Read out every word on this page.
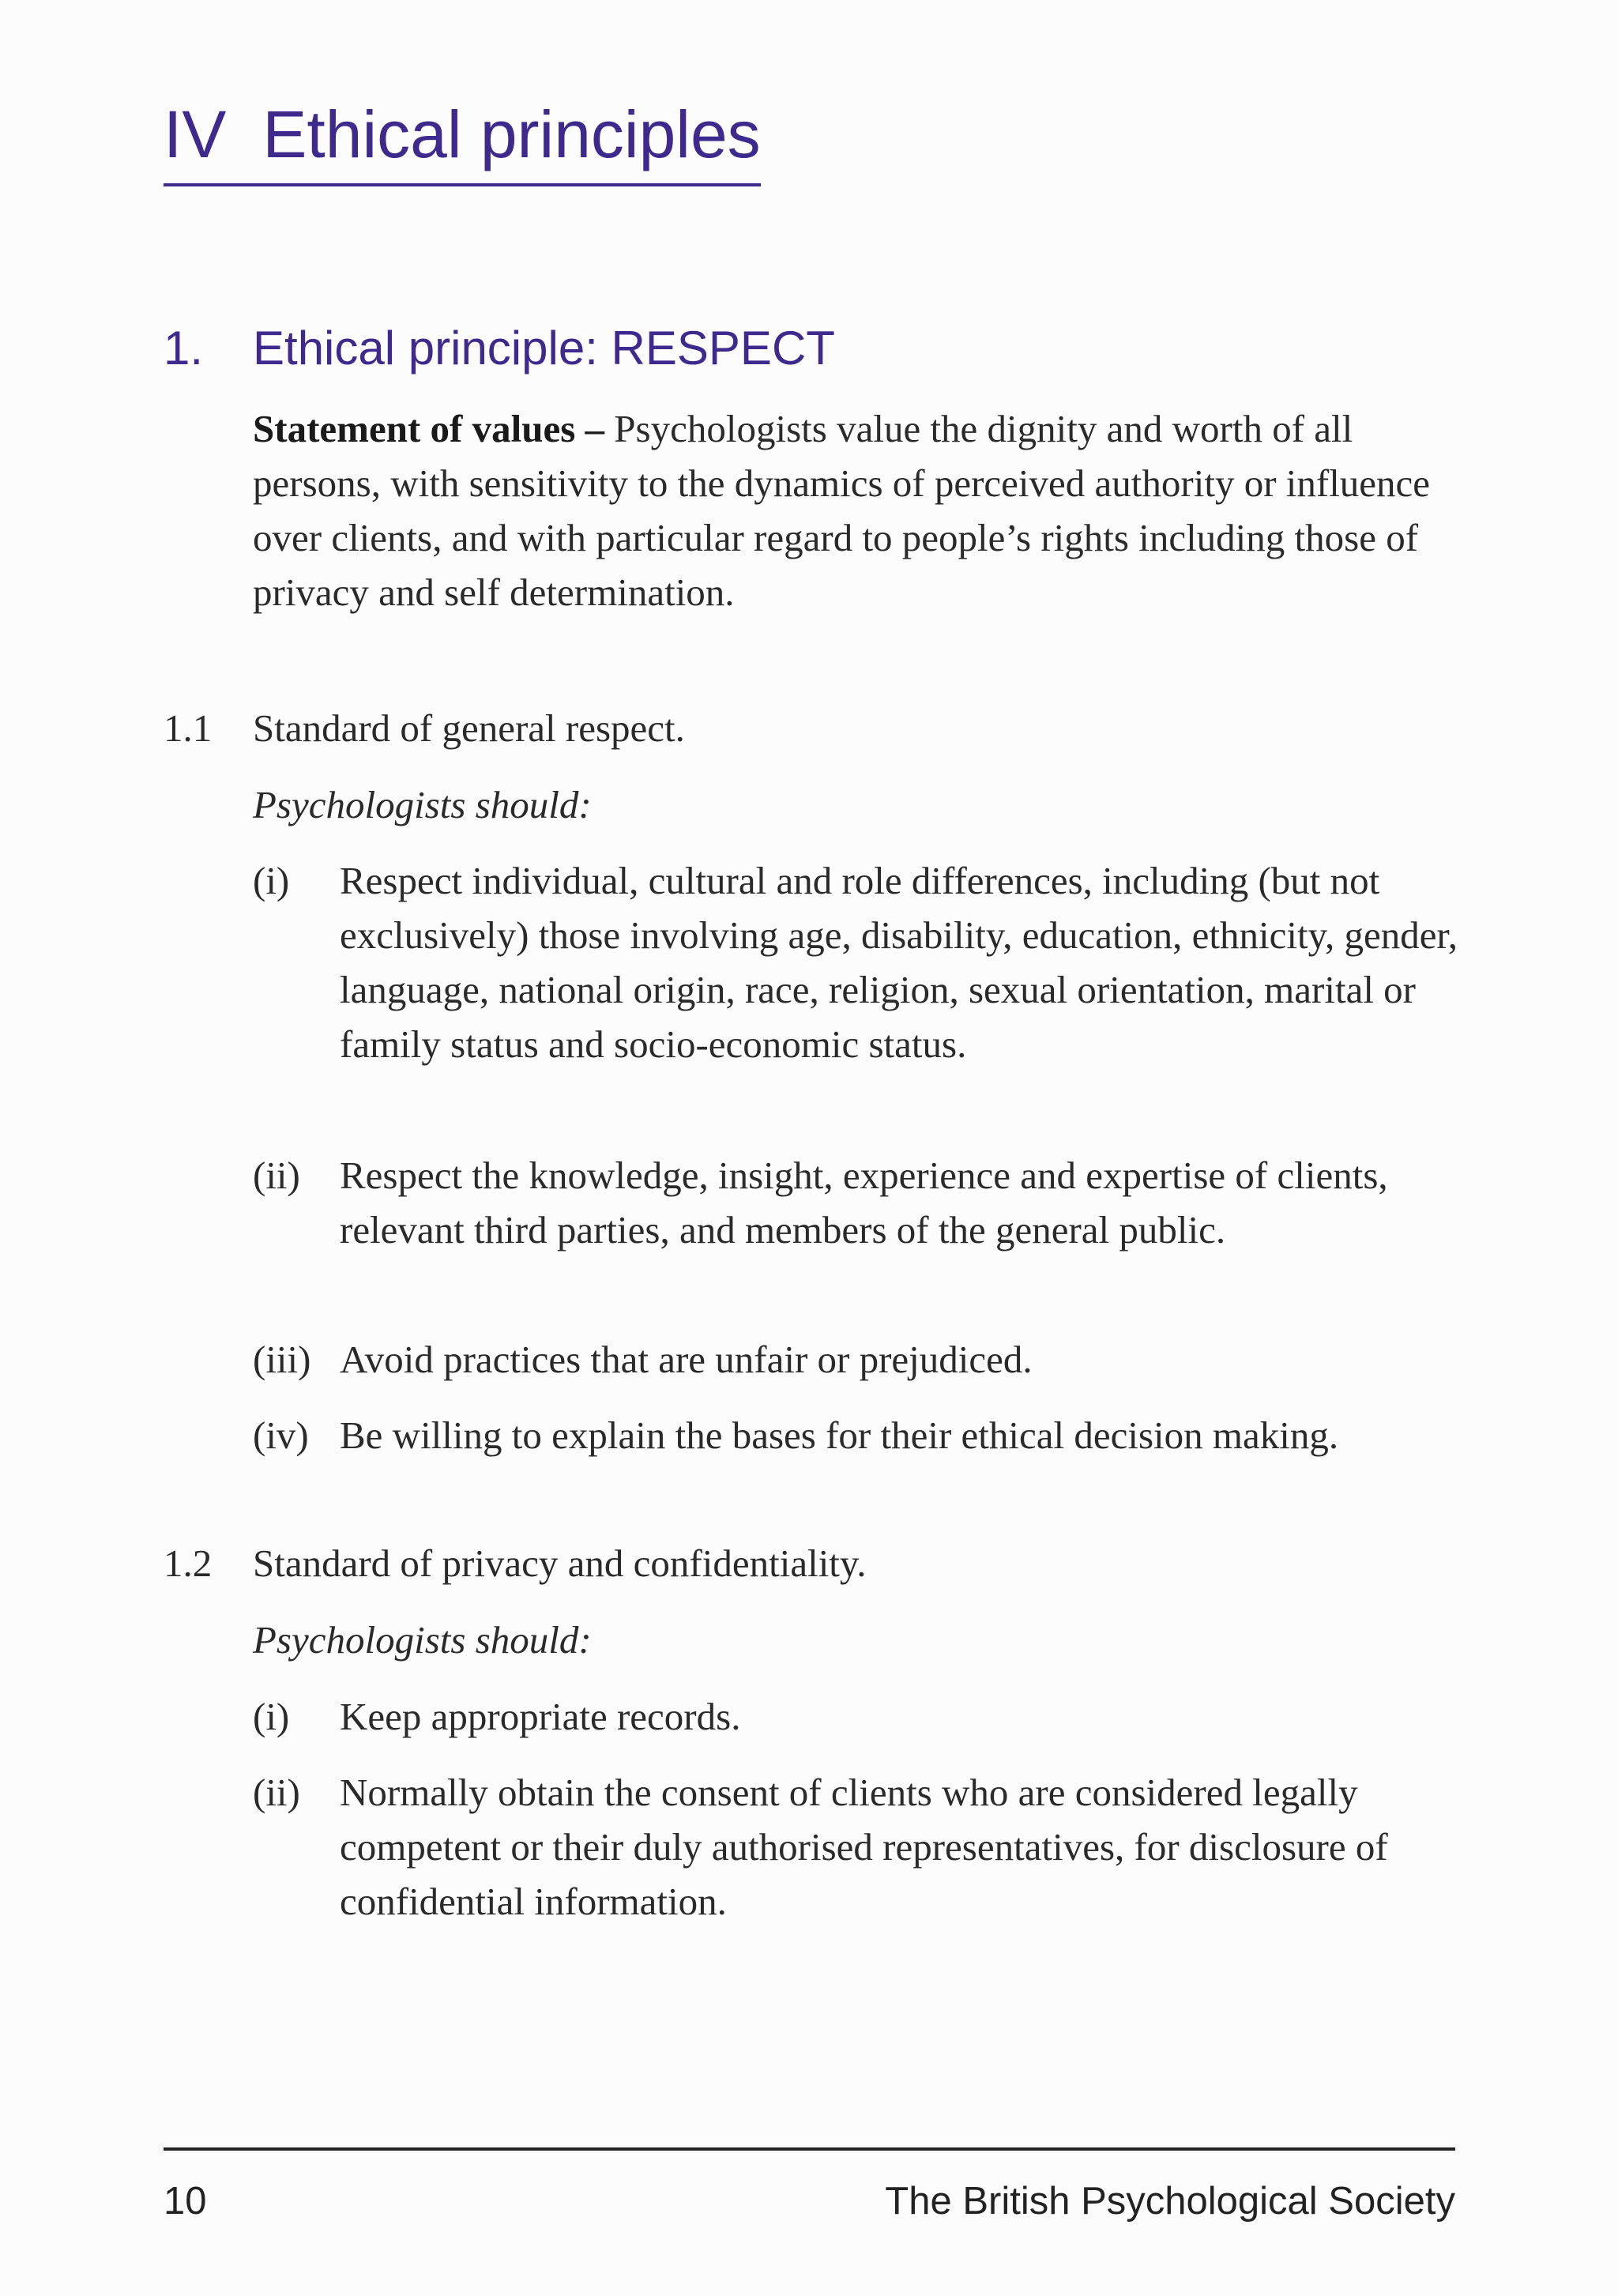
IV Ethical principles
1. Ethical principle: RESPECT
Statement of values – Psychologists value the dignity and worth of all persons, with sensitivity to the dynamics of perceived authority or influence over clients, and with particular regard to people’s rights including those of privacy and self determination.
1.1 Standard of general respect.
Psychologists should:
(i) Respect individual, cultural and role differences, including (but not exclusively) those involving age, disability, education, ethnicity, gender, language, national origin, race, religion, sexual orientation, marital or family status and socio-economic status.
(ii) Respect the knowledge, insight, experience and expertise of clients, relevant third parties, and members of the general public.
(iii) Avoid practices that are unfair or prejudiced.
(iv) Be willing to explain the bases for their ethical decision making.
1.2 Standard of privacy and confidentiality.
Psychologists should:
(i) Keep appropriate records.
(ii) Normally obtain the consent of clients who are considered legally competent or their duly authorised representatives, for disclosure of confidential information.
10	The British Psychological Society
